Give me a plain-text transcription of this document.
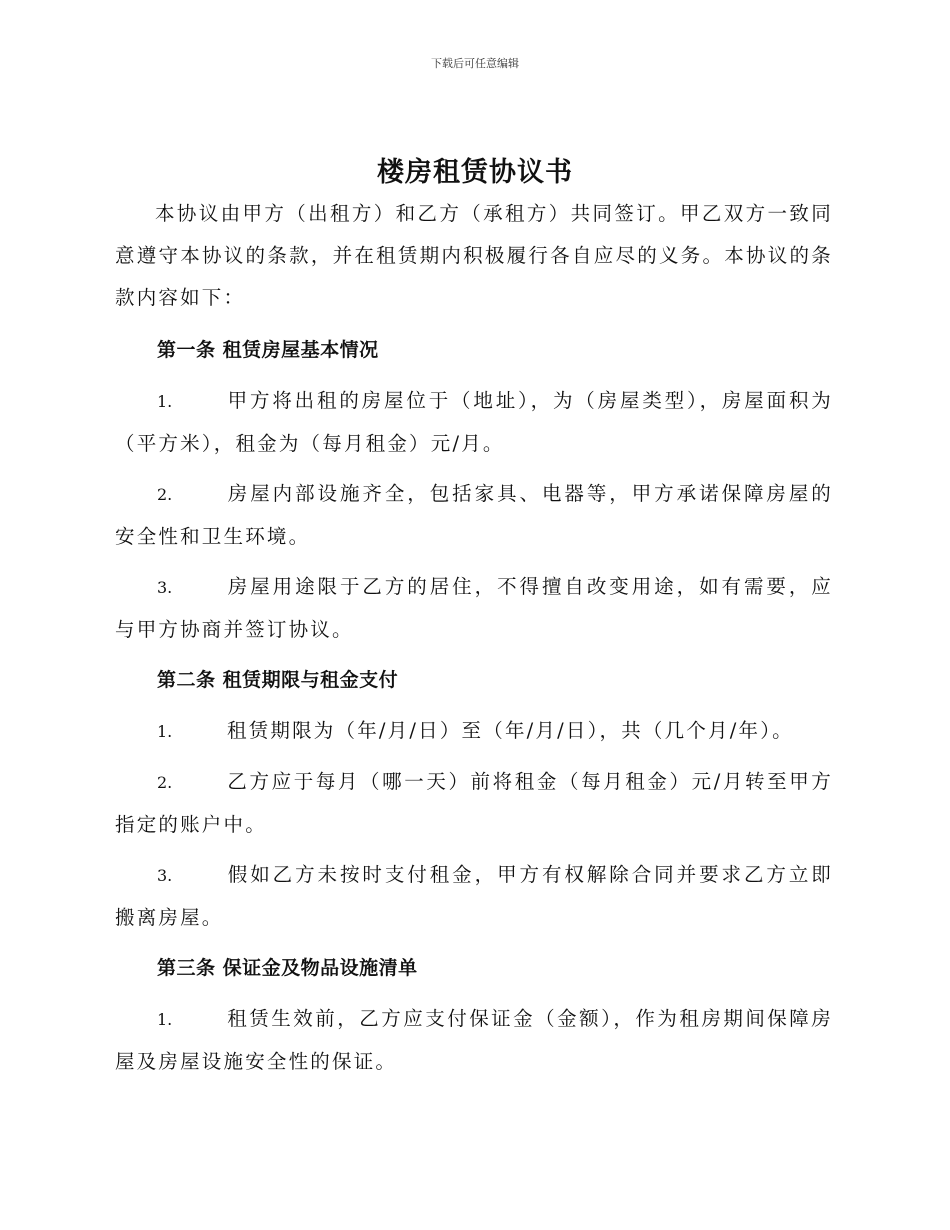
下载后可任意编辑
楼房租赁协议书

本协议由甲方（出租方）和乙方（承租方）共同签订。甲乙双方一致同意遵守本协议的条款，并在租赁期内积极履行各自应尽的义务。本协议的条款内容如下：

第一条 租赁房屋基本情况

1.	甲方将出租的房屋位于（地址），为（房屋类型），房屋面积为（平方米），租金为（每月租金）元/月。

2.	房屋内部设施齐全，包括家具、电器等，甲方承诺保障房屋的安全性和卫生环境。

3.	房屋用途限于乙方的居住，不得擅自改变用途，如有需要，应与甲方协商并签订协议。

第二条 租赁期限与租金支付

1.	租赁期限为（年/月/日）至（年/月/日），共（几个月/年）。

2.	乙方应于每月（哪一天）前将租金（每月租金）元/月转至甲方指定的账户中。

3.	假如乙方未按时支付租金，甲方有权解除合同并要求乙方立即搬离房屋。

第三条 保证金及物品设施清单

1.	租赁生效前，乙方应支付保证金（金额），作为租房期间保障房屋及房屋设施安全性的保证。
